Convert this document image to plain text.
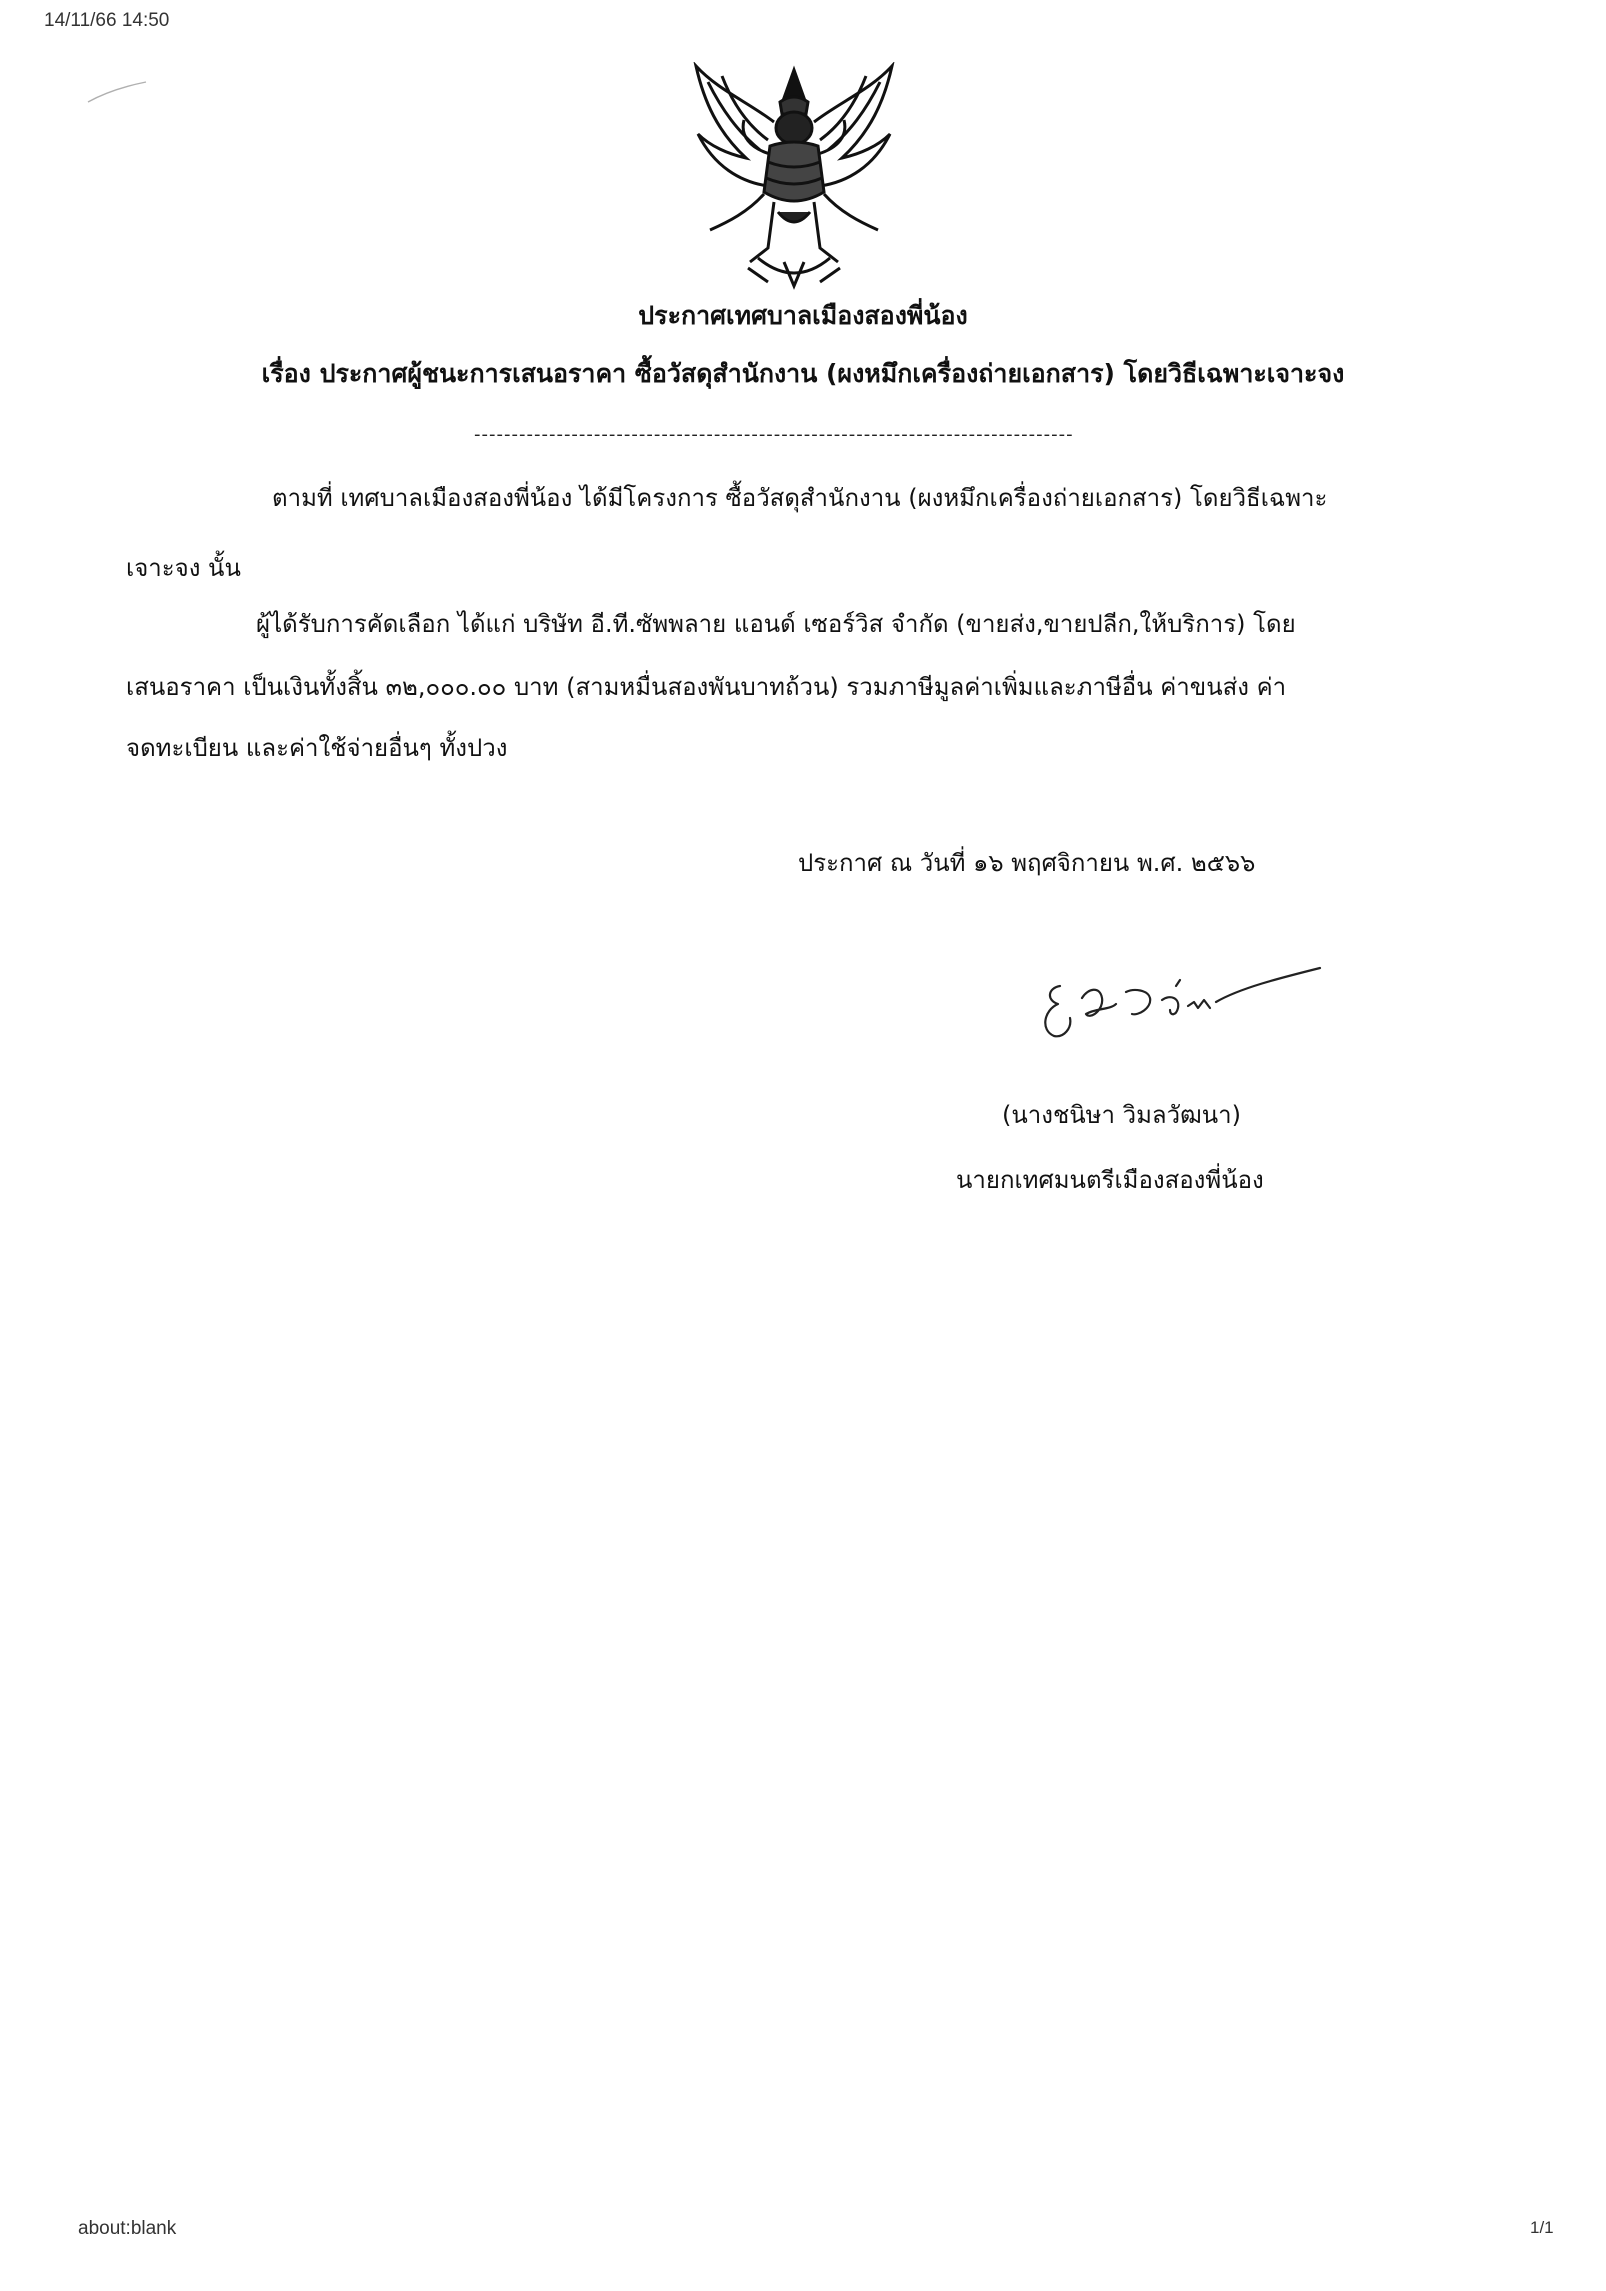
14/11/66 14:50
ประกาศเทศบาลเมืองสองพี่น้อง
เรื่อง ประกาศผู้ชนะการเสนอราคา ซื้อวัสดุสำนักงาน (ผงหมึกเครื่องถ่ายเอกสาร) โดยวิธีเฉพาะเจาะจง
--------------------------------------------------------------------------------
ตามที่ เทศบาลเมืองสองพี่น้อง ได้มีโครงการ ซื้อวัสดุสำนักงาน (ผงหมึกเครื่องถ่ายเอกสาร) โดยวิธีเฉพาะ
เจาะจง นั้น
ผู้ได้รับการคัดเลือก ได้แก่ บริษัท อี.ที.ซัพพลาย แอนด์ เซอร์วิส จำกัด (ขายส่ง,ขายปลีก,ให้บริการ) โดย
เสนอราคา เป็นเงินทั้งสิ้น ๓๒,๐๐๐.๐๐ บาท (สามหมื่นสองพันบาทถ้วน) รวมภาษีมูลค่าเพิ่มและภาษีอื่น ค่าขนส่ง ค่า
จดทะเบียน และค่าใช้จ่ายอื่นๆ ทั้งปวง
ประกาศ ณ วันที่ ๑๖ พฤศจิกายน พ.ศ. ๒๕๖๖
(นางชนิษา วิมลวัฒนา)
นายกเทศมนตรีเมืองสองพี่น้อง
about:blank	1/1
